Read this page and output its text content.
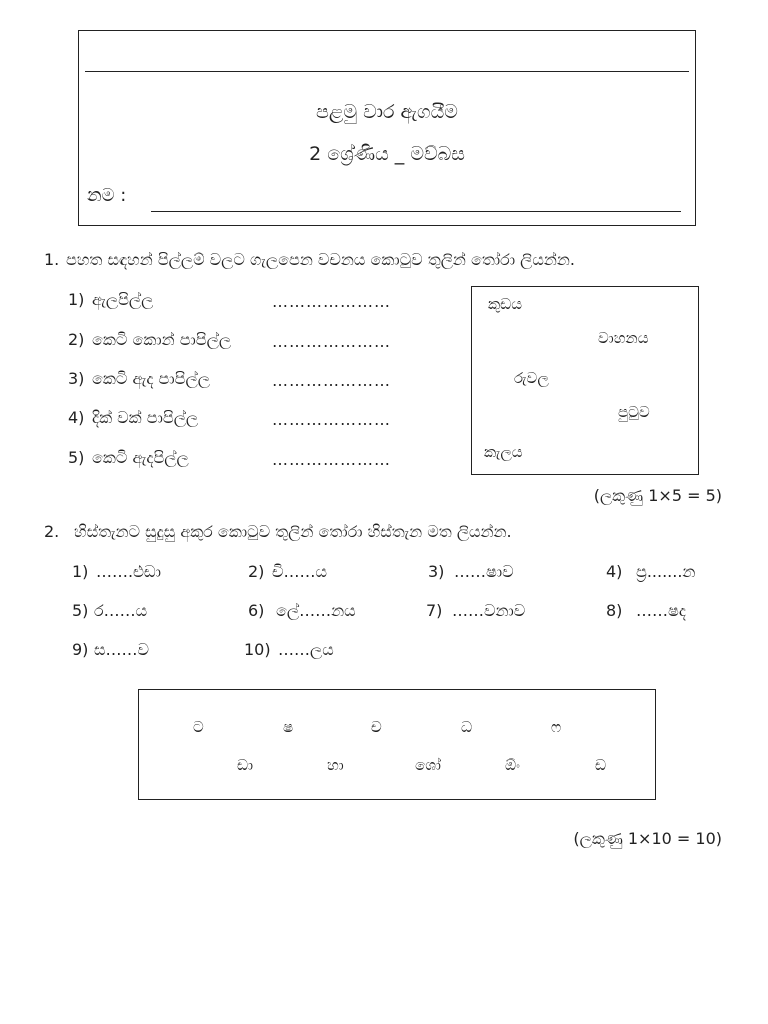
පළමු වාර ඇගයීම
2 ශ්‍රේණිය _ මව්බස
නම :
1. පහත සඳහන් පිල්ලම් වලට ගැලපෙන වචනය කොටුව තුලින් තෝරා ලියන්න.
1) ඇලපිල්ල	…………………
2) කෙටි කොන් පාපිල්ල	…………………
3) කෙටි ඇද පාපිල්ල	…………………
4) දික් වක් පාපිල්ල	…………………
5) කෙටි ඇදපිල්ල	…………………
කුඩය
වාහනය
රුවල
පුටුව
කැලය
(ලකුණු 1×5 = 5)
2. හිස්තැනට සුදුසු අකුර කොටුව තුලින් තෝරා හිස්තැන මත ලියන්න.
1) …….ළුඩා	2) චි……ය	3) ……ෂාව	4) ප්‍ර.......න
5) ර……ය	6) ලේ……නය	7) ……වනාව	8) ……ෂද
9) ස……ව	10) ……ලය
ට	ෂ	ච	ධ	ෆ
ඩා	හා	ශෝ	ඕං	ඩ
(ලකුණු 1×10 = 10)
